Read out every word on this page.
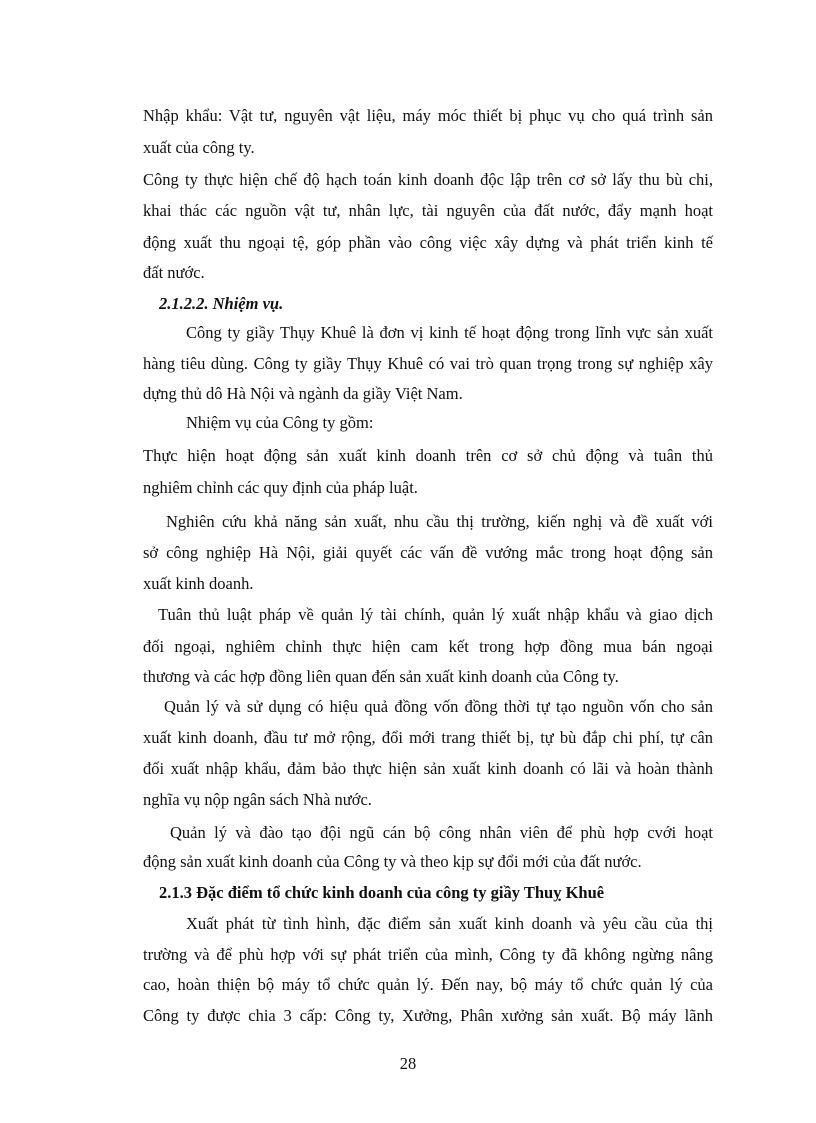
Nhập khẩu: Vật tư, nguyên vật liệu, máy móc thiết bị phục vụ cho quá trình sản
xuất của công ty.
Công ty thực hiện chế độ hạch toán kinh doanh độc lập trên cơ sở lấy thu bù chi,
khai thác các nguồn vật tư, nhân lực, tài nguyên của đất nước, đẩy mạnh hoạt
động xuất thu ngoại tệ, góp phần vào công việc xây dựng và phát triển kinh tế
đất nước.
2.1.2.2. Nhiệm vụ.
Công ty giầy Thụy Khuê là đơn vị kinh tế hoạt động trong lĩnh vực sản xuất
hàng tiêu dùng. Công ty giầy Thụy Khuê có vai trò quan trọng trong sự nghiệp xây
dựng thủ dô Hà Nội và ngành da giầy Việt Nam.
Nhiệm vụ của Công ty gồm:
Thực hiện hoạt động sản xuất kinh doanh trên cơ sở chủ động và tuân thủ
nghiêm chỉnh các quy định của pháp luật.
Nghiên cứu khả năng sản xuất, nhu cầu thị trường, kiến nghị và đề xuất với
sở công nghiệp Hà Nội, giải quyết các vấn đề vướng mắc trong hoạt động sản
xuất kinh doanh.
Tuân thủ luật pháp về quản lý tài chính, quản lý xuất nhập khẩu và giao dịch
đối ngoại, nghiêm chỉnh thực hiện cam kết trong hợp đồng mua bán ngoại
thương và các hợp đồng liên quan đến sản xuất kinh doanh của Công ty.
Quản lý và sử dụng có hiệu quả đồng vốn đồng thời tự tạo nguồn vốn cho sản
xuất kinh doanh, đầu tư mở rộng, đổi mới trang thiết bị, tự bù đắp chi phí, tự cân
đối xuất nhập khẩu, đảm bảo thực hiện sản xuất kinh doanh có lãi và hoàn thành
nghĩa vụ nộp ngân sách Nhà nước.
Quản lý và đào tạo đội ngũ cán bộ công nhân viên để phù hợp cvới hoạt
động sản xuất kinh doanh của Công ty và theo kịp sự đổi mới của đất nước.
2.1.3 Đặc điểm tổ chức kinh doanh của công ty giầy Thuỵ Khuê
Xuất phát từ tình hình, đặc điểm sản xuất kinh doanh và yêu cầu của thị
trường và để phù hợp với sự phát triển của mình, Công ty đã không ngừng nâng
cao, hoàn thiện bộ máy tổ chức quản lý. Đến nay, bộ máy tổ chức quản lý của
Công ty được chia 3 cấp: Công ty, Xưởng, Phân xưởng sản xuất. Bộ máy lãnh
28
